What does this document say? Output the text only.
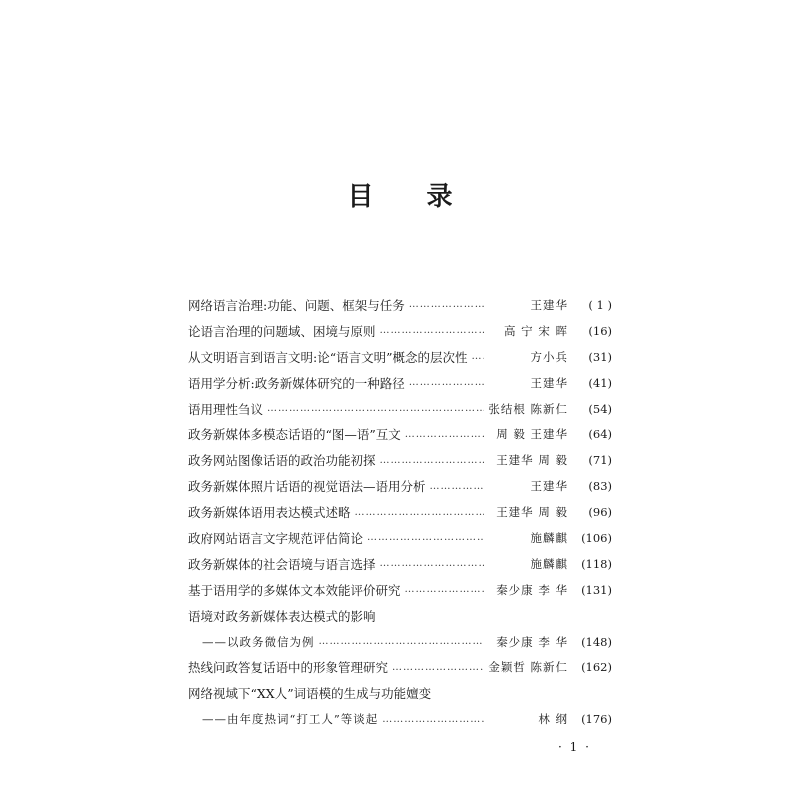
目 录
网络语言治理:功能、问题、框架与任务 …………………………………………………………………………………………………………………	王建华	( 1 )
论语言治理的问题域、困境与原则 …………………………………………………………………………………………………………………	高 宁 宋 晖	(16)
从文明语言到语言文明:论“语言文明”概念的层次性 …………………………………………………………………………………………………………………	方小兵	(31)
语用学分析:政务新媒体研究的一种路径 …………………………………………………………………………………………………………………	王建华	(41)
语用理性刍议 …………………………………………………………………………………………………………………	张结根 陈新仁	(54)
政务新媒体多模态话语的“图—语”互文 …………………………………………………………………………………………………………………	周 毅 王建华	(64)
政务网站图像话语的政治功能初探 …………………………………………………………………………………………………………………	王建华 周 毅	(71)
政务新媒体照片话语的视觉语法—语用分析 …………………………………………………………………………………………………………………	王建华	(83)
政务新媒体语用表达模式述略 …………………………………………………………………………………………………………………	王建华 周 毅	(96)
政府网站语言文字规范评估简论 …………………………………………………………………………………………………………………	施麟麒	(106)
政务新媒体的社会语境与语言选择 …………………………………………………………………………………………………………………	施麟麒	(118)
基于语用学的多媒体文本效能评价研究 …………………………………………………………………………………………………………………	秦少康 李 华	(131)
语境对政务新媒体表达模式的影响
——以政务微信为例 …………………………………………………………………………………………………………………	秦少康 李 华	(148)
热线问政答复话语中的形象管理研究 …………………………………………………………………………………………………………………	金颖哲 陈新仁	(162)
网络视域下“XX人”词语模的生成与功能嬗变
——由年度热词“打工人”等谈起 …………………………………………………………………………………………………………………	林 纲	(176)
· 1 ·
